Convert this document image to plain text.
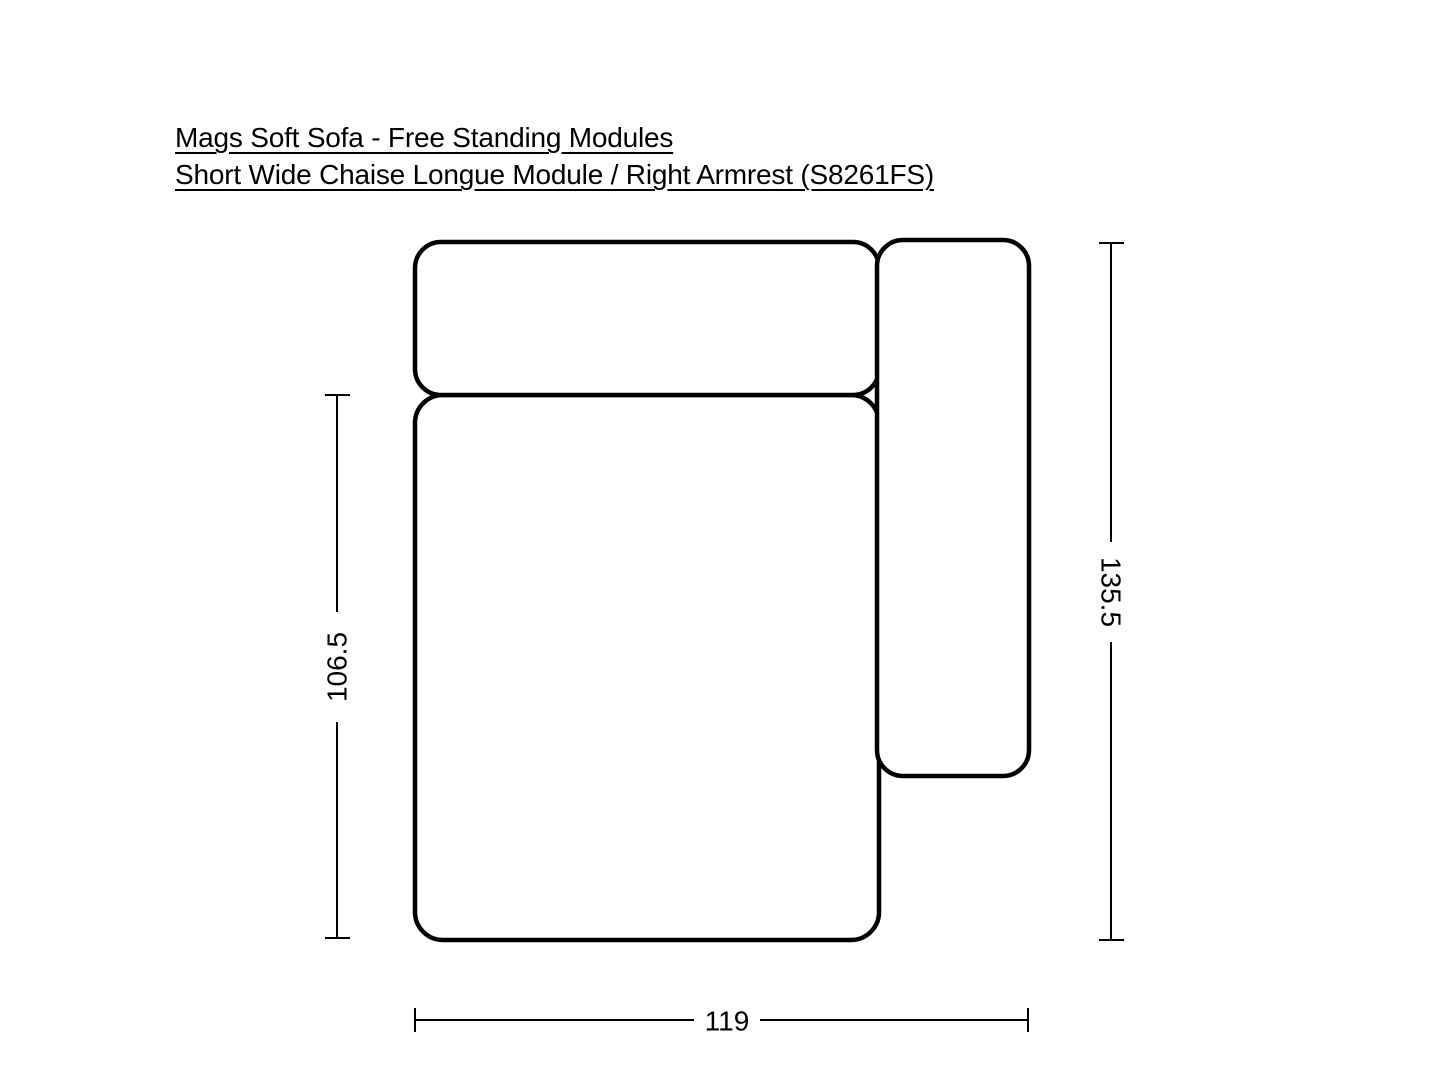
Mags Soft Sofa - Free Standing Modules
Short Wide Chaise Longue Module / Right Armrest (S8261FS)
106.5
135.5
119
